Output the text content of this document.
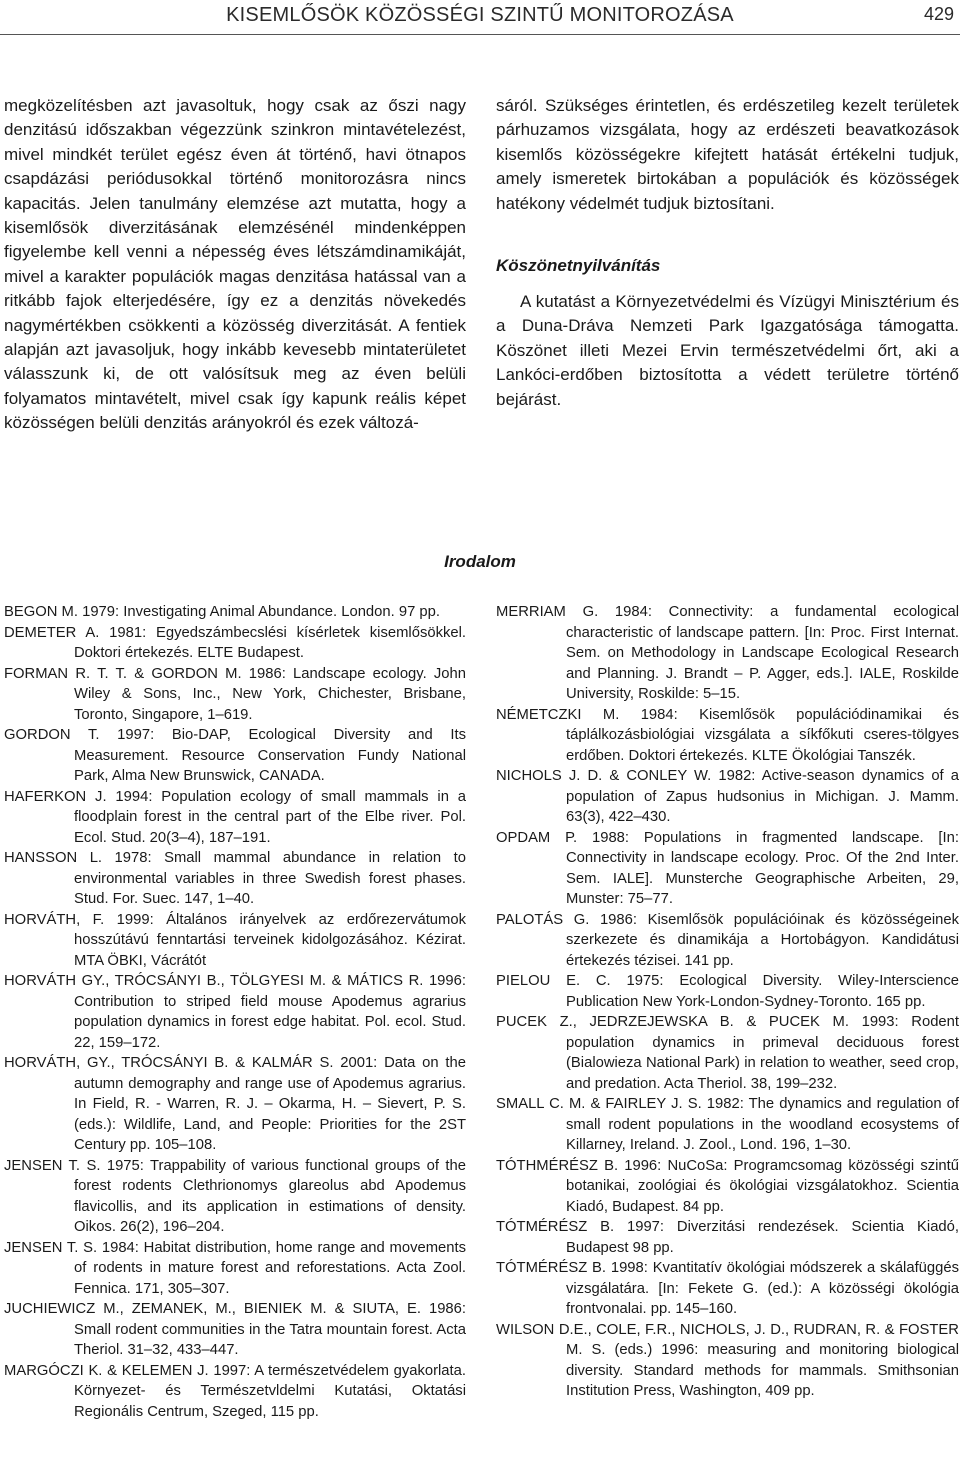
KISEMLŐSÖK KÖZÖSSÉGI SZINTŰ MONITOROZÁSA	429

megközelítésben azt javasoltuk, hogy csak az őszi nagy denzitású időszakban végezzünk szinkron mintavételezést, mivel mindkét terület egész éven át történő, havi ötnapos csapdázási periódusokkal történő monitorozásra nincs kapacitás. Jelen tanulmány elemzése azt mutatta, hogy a kisemlősök diverzitásának elemzésénél mindenképpen figyelembe kell venni a népesség éves létszámdinamikáját, mivel a karakter populációk magas denzitása hatással van a ritkább fajok elterjedésére, így ez a denzitás növekedés nagymértékben csökkenti a közösség diverzitását. A fentiek alapján azt javasoljuk, hogy inkább kevesebb mintaterületet válasszunk ki, de ott valósítsuk meg az éven belüli folyamatos mintavételt, mivel csak így kapunk reális képet közösségen belüli denzitás arányokról és ezek változá-

sáról. Szükséges érintetlen, és erdészetileg kezelt területek párhuzamos vizsgálata, hogy az erdészeti beavatkozások kisemlős közösségekre kifejtett hatását értékelni tudjuk, amely ismeretek birtokában a populációk és közösségek hatékony védelmét tudjuk biztosítani.

Köszönetnyilvánítás

A kutatást a Környezetvédelmi és Vízügyi Minisztérium és a Duna-Dráva Nemzeti Park Igazgatósága támogatta. Köszönet illeti Mezei Ervin természetvédelmi őrt, aki a Lankóci-erdőben biztosította a védett területre történő bejárást.

Irodalom

BEGON M. 1979: Investigating Animal Abundance. London. 97 pp.

DEMETER A. 1981: Egyedszámbecslési kísérletek kisemlősökkel. Doktori értekezés. ELTE Budapest.

FORMAN R. T. T. & GORDON M. 1986: Landscape ecology. John Wiley & Sons, Inc., New York, Chichester, Brisbane, Toronto, Singapore, 1–619.

GORDON T. 1997: Bio-DAP, Ecological Diversity and Its Measurement. Resource Conservation Fundy National Park, Alma New Brunswick, CANADA.

HAFERKON J. 1994: Population ecology of small mammals in a floodplain forest in the central part of the Elbe river. Pol. Ecol. Stud. 20(3–4), 187–191.

HANSSON L. 1978: Small mammal abundance in relation to environmental variables in three Swedish forest phases. Stud. For. Suec. 147, 1–40.

HORVÁTH, F. 1999: Általános irányelvek az erdőrezervátumok hosszútávú fenntartási terveinek kidolgozásához. Kézirat. MTA ÖBKI, Vácrátót

HORVÁTH GY., TRÓCSÁNYI B., TÖLGYESI M. & MÁTICS R. 1996: Contribution to striped field mouse Apodemus agrarius population dynamics in forest edge habitat. Pol. ecol. Stud. 22, 159–172.

HORVÁTH, GY., TRÓCSÁNYI B. & KALMÁR S. 2001: Data on the autumn demography and range use of Apodemus agrarius. In Field, R. - Warren, R. J. – Okarma, H. – Sievert, P. S. (eds.): Wildlife, Land, and People: Priorities for the 2ST Century pp. 105–108.

JENSEN T. S. 1975: Trappability of various functional groups of the forest rodents Clethrionomys glareolus abd Apodemus flavicollis, and its application in estimations of density. Oikos. 26(2), 196–204.

JENSEN T. S. 1984: Habitat distribution, home range and movements of rodents in mature forest and reforestations. Acta Zool. Fennica. 171, 305–307.

JUCHIEWICZ M., ZEMANEK, M., BIENIEK M. & SIUTA, E. 1986: Small rodent communities in the Tatra mountain forest. Acta Theriol. 31–32, 433–447.

MARGÓCZI K. & KELEMEN J. 1997: A természetvédelem gyakorlata. Környezet- és Természetvldelmi Kutatási, Oktatási Regionális Centrum, Szeged, 115 pp.

MERRIAM G. 1984: Connectivity: a fundamental ecological characteristic of landscape pattern. [In: Proc. First Internat. Sem. on Methodology in Landscape Ecological Research and Planning. J. Brandt – P. Agger, eds.]. IALE, Roskilde University, Roskilde: 5–15.

NÉMETCZKI M. 1984: Kisemlősök populációdinamikai és táplálkozásbiológiai vizsgálata a síkfőkuti cseres-tölgyes erdőben. Doktori értekezés. KLTE Ökológiai Tanszék.

NICHOLS J. D. & CONLEY W. 1982: Active-season dynamics of a population of Zapus hudsonius in Michigan. J. Mamm. 63(3), 422–430.

OPDAM P. 1988: Populations in fragmented landscape. [In: Connectivity in landscape ecology. Proc. Of the 2nd Inter. Sem. IALE]. Munsterche Geographische Arbeiten, 29, Munster: 75–77.

PALOTÁS G. 1986: Kisemlősök populációinak és közösségeinek szerkezete és dinamikája a Hortobágyon. Kandidátusi értekezés tézisei. 141 pp.

PIELOU E. C. 1975: Ecological Diversity. Wiley-Interscience Publication New York-London-Sydney-Toronto. 165 pp.

PUCEK Z., JEDRZEJEWSKA B. & PUCEK M. 1993: Rodent population dynamics in primeval deciduous forest (Bialowieza National Park) in relation to weather, seed crop, and predation. Acta Theriol. 38, 199–232.

SMALL C. M. & FAIRLEY J. S. 1982: The dynamics and regulation of small rodent populations in the woodland ecosystems of Killarney, Ireland. J. Zool., Lond. 196, 1–30.

TÓTHMÉRÉSZ B. 1996: NuCoSa: Programcsomag közösségi szintű botanikai, zoológiai és ökológiai vizsgálatokhoz. Scientia Kiadó, Budapest. 84 pp.

TÓTMÉRÉSZ B. 1997: Diverzitási rendezések. Scientia Kiadó, Budapest 98 pp.

TÓTMÉRÉSZ B. 1998: Kvantitatív ökológiai módszerek a skálafüggés vizsgálatára. [In: Fekete G. (ed.): A közösségi ökológia frontvonalai. pp. 145–160.

WILSON D.E., COLE, F.R., NICHOLS, J. D., RUDRAN, R. & FOSTER M. S. (eds.) 1996: measuring and monitoring biological diversity. Standard methods for mammals. Smithsonian Institution Press, Washington, 409 pp.
